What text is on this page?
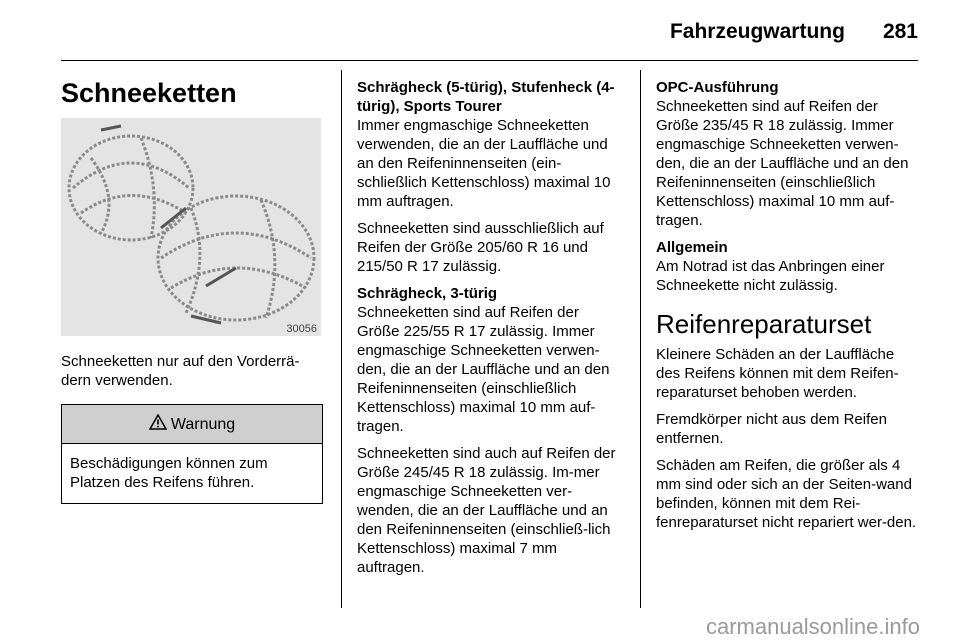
Fahrzeugwartung 281
Schneeketten
30056
Schneeketten nur auf den Vorderrä-dern verwenden.
Warnung
Beschädigungen können zum Platzen des Reifens führen.
Schrägheck (5-türig), Stufenheck (4-türig), Sports Tourer

Immer engmaschige Schneeketten verwenden, die an der Lauffläche und an den Reifeninnenseiten (ein-schließlich Kettenschloss) maximal 10 mm auftragen.

Schneeketten sind ausschließlich auf Reifen der Größe 205/60 R 16 und 215/50 R 17 zulässig.

Schrägheck, 3-türig

Schneeketten sind auf Reifen der Größe 225/55 R 17 zulässig. Immer engmaschige Schneeketten verwen-den, die an der Lauffläche und an den Reifeninnenseiten (einschließlich Kettenschloss) maximal 10 mm auf-tragen.

Schneeketten sind auch auf Reifen der Größe 245/45 R 18 zulässig. Im-mer engmaschige Schneeketten ver-wenden, die an der Lauffläche und an den Reifeninnenseiten (einschließ-lich Kettenschloss) maximal 7 mm auftragen.

OPC-Ausführung

Schneeketten sind auf Reifen der Größe 235/45 R 18 zulässig. Immer engmaschige Schneeketten verwen-den, die an der Lauffläche und an den Reifeninnenseiten (einschließlich Kettenschloss) maximal 10 mm auf-tragen.

Allgemein

Am Notrad ist das Anbringen einer Schneekette nicht zulässig.

Reifenreparaturset

Kleinere Schäden an der Lauffläche des Reifens können mit dem Reifen-reparaturset behoben werden.

Fremdkörper nicht aus dem Reifen entfernen.

Schäden am Reifen, die größer als 4 mm sind oder sich an der Seiten-wand befinden, können mit dem Rei-fenreparaturset nicht repariert wer-den.

carmanualsonline.info
